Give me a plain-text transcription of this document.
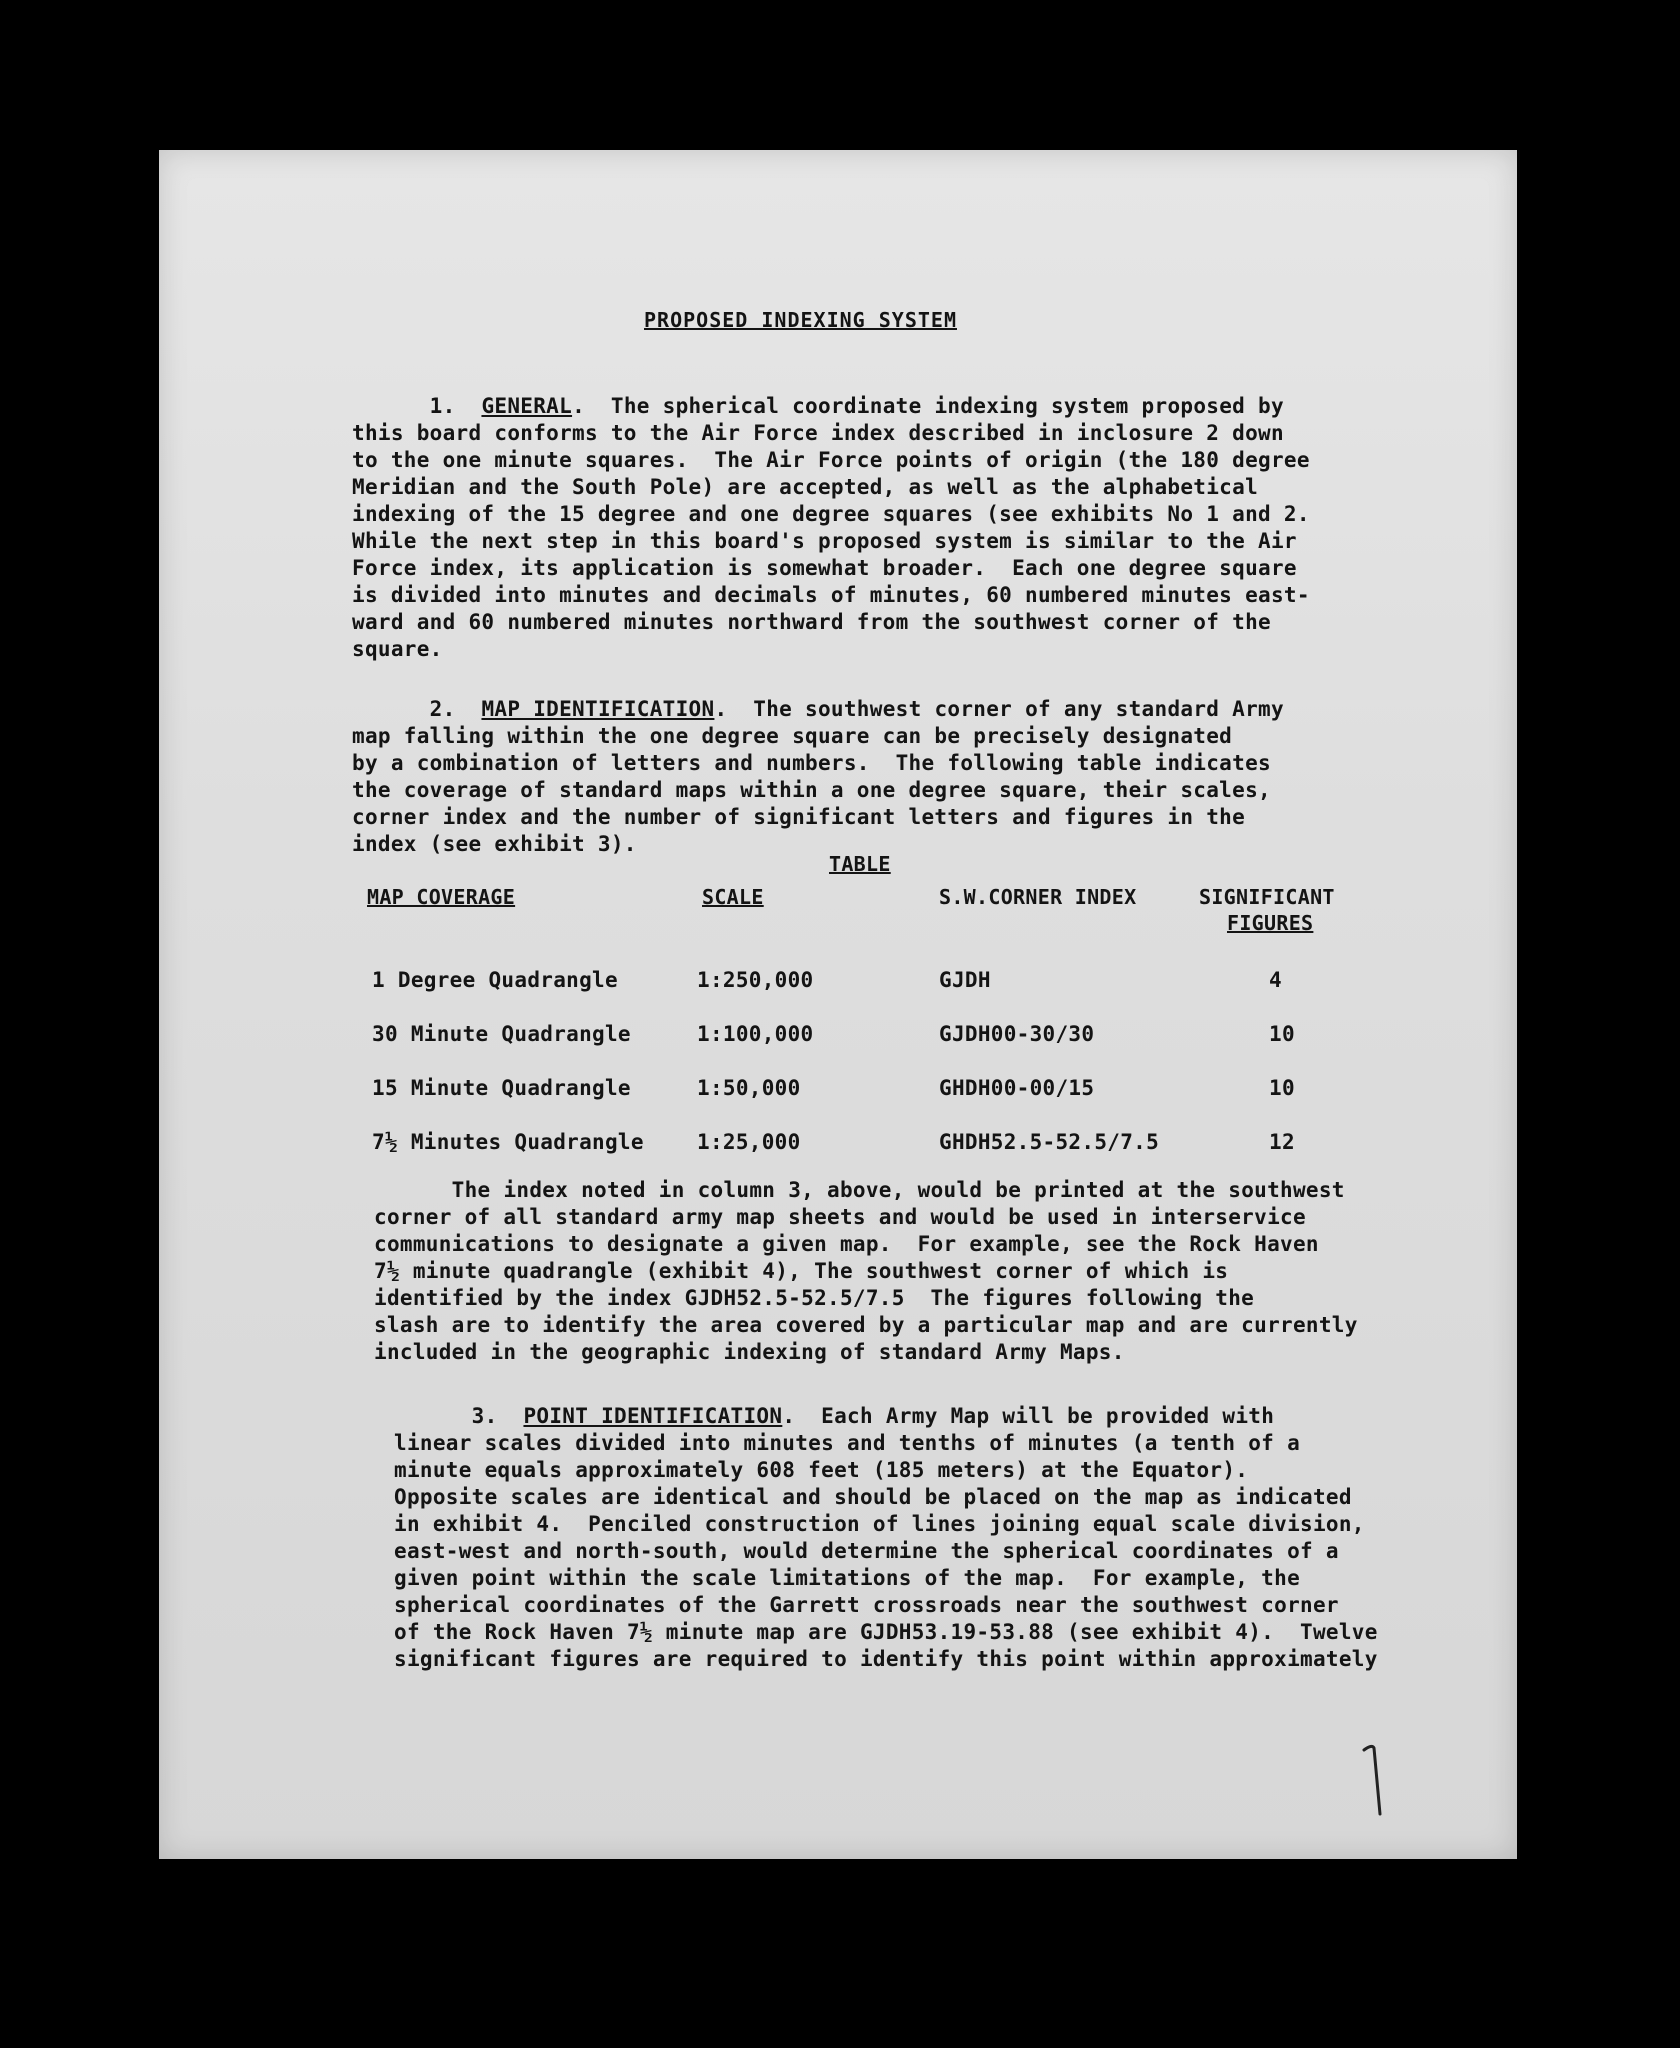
PROPOSED INDEXING SYSTEM
1. GENERAL.  The spherical coordinate indexing system proposed by
this board conforms to the Air Force index described in inclosure 2 down
to the one minute squares.  The Air Force points of origin (the 180 degree
Meridian and the South Pole) are accepted, as well as the alphabetical
indexing of the 15 degree and one degree squares (see exhibits No 1 and 2.
While the next step in this board's proposed system is similar to the Air
Force index, its application is somewhat broader.  Each one degree square
is divided into minutes and decimals of minutes, 60 numbered minutes east-
ward and 60 numbered minutes northward from the southwest corner of the
square.
2. MAP IDENTIFICATION.  The southwest corner of any standard Army
map falling within the one degree square can be precisely designated
by a combination of letters and numbers.  The following table indicates
the coverage of standard maps within a one degree square, their scales,
corner index and the number of significant letters and figures in the
index (see exhibit 3).
TABLE
MAP COVERAGE	SCALE	S.W.CORNER INDEX	SIGNIFICANT
FIGURES
1 Degree Quadrangle	1:250,000	GJDH	4
30 Minute Quadrangle	1:100,000	GJDH00-30/30	10
15 Minute Quadrangle	1:50,000	GHDH00-00/15	10
7½ Minutes Quadrangle	1:25,000	GHDH52.5-52.5/7.5	12
The index noted in column 3, above, would be printed at the southwest
corner of all standard army map sheets and would be used in interservice
communications to designate a given map.  For example, see the Rock Haven
7½ minute quadrangle (exhibit 4), The southwest corner of which is
identified by the index GJDH52.5-52.5/7.5  The figures following the
slash are to identify the area covered by a particular map and are currently
included in the geographic indexing of standard Army Maps.
3. POINT IDENTIFICATION.  Each Army Map will be provided with
linear scales divided into minutes and tenths of minutes (a tenth of a
minute equals approximately 608 feet (185 meters) at the Equator).
Opposite scales are identical and should be placed on the map as indicated
in exhibit 4.  Penciled construction of lines joining equal scale division,
east-west and north-south, would determine the spherical coordinates of a
given point within the scale limitations of the map.  For example, the
spherical coordinates of the Garrett crossroads near the southwest corner
of the Rock Haven 7½ minute map are GJDH53.19-53.88 (see exhibit 4).  Twelve
significant figures are required to identify this point within approximately
